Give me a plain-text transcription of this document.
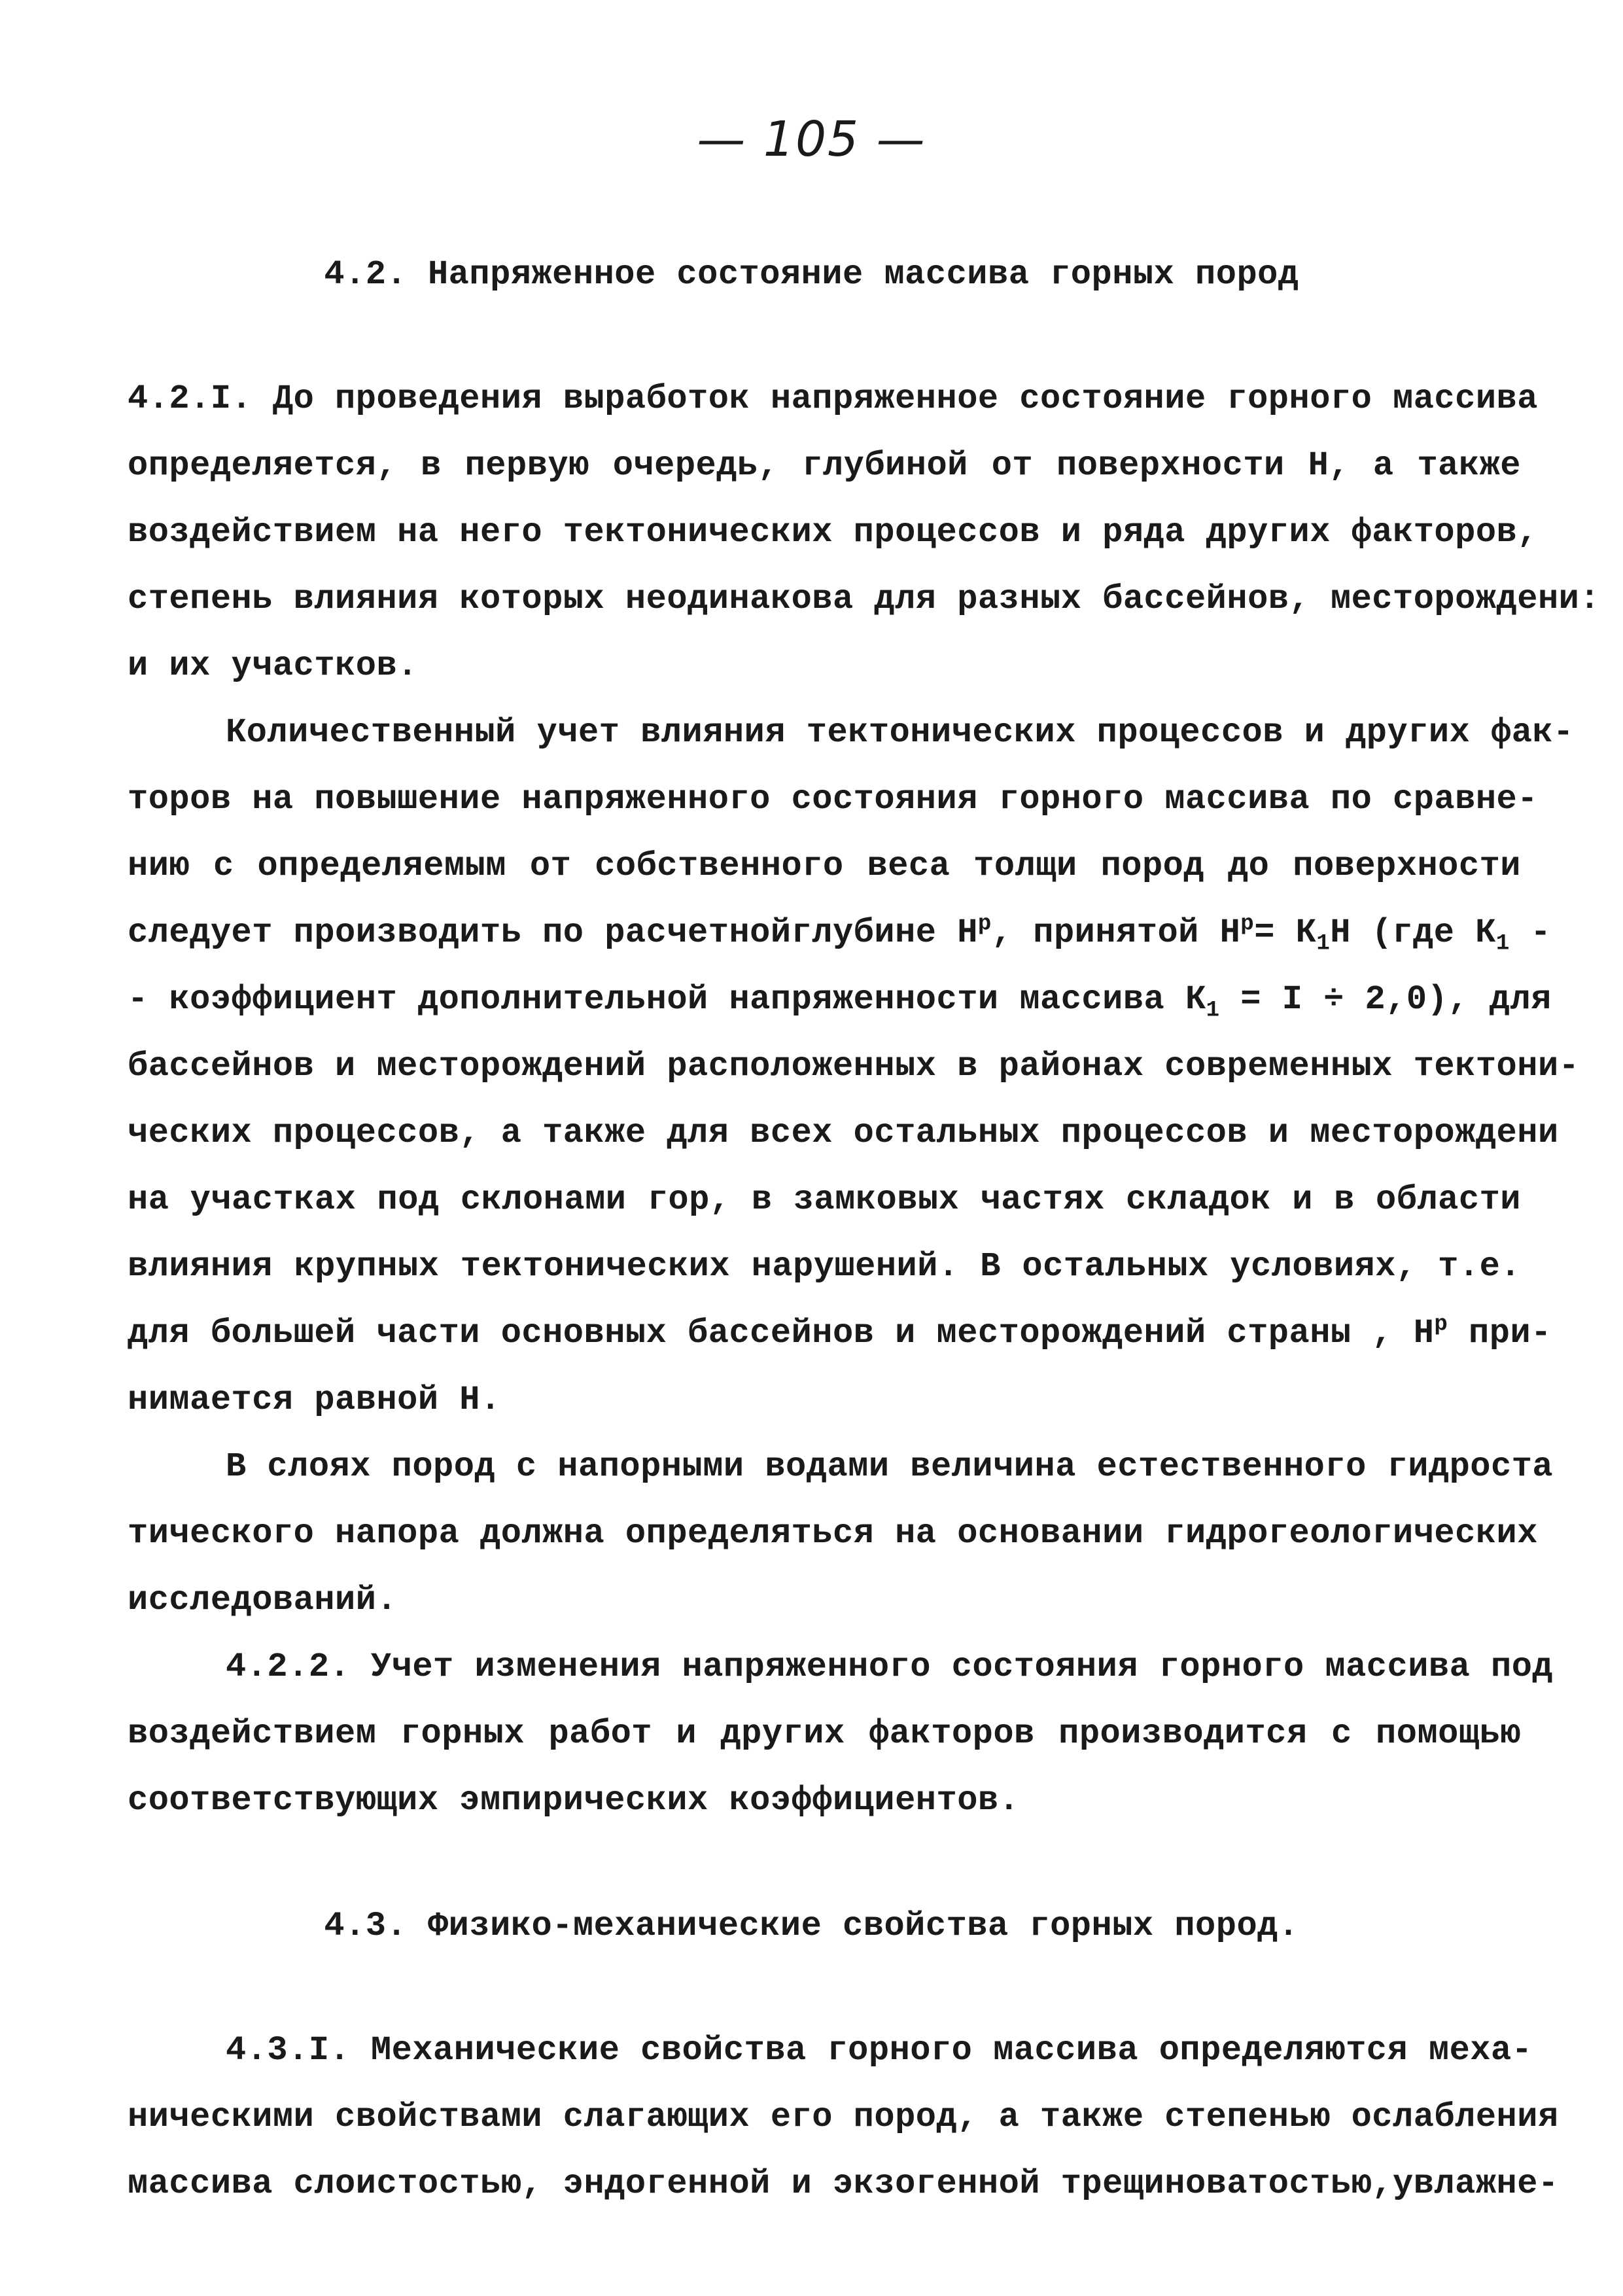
— 105 —
4.2. Напряженное состояние массива горных пород
4.2.I. До проведения выработок напряженное состояние горного массива
определяется, в первую очередь, глубиной от поверхности Н, а также
воздействием на него тектонических процессов и ряда других факторов,
степень влияния которых неодинакова для разных бассейнов, месторождени:
и их участков.
Количественный учет влияния тектонических процессов и других фак-
торов на повышение напряженного состояния горного массива по сравне-
нию с определяемым от собственного веса толщи пород до поверхности
следует производить по расчетнойглубине $Н^р$, принятой $Н^р= К_1Н$ (где $К_1$ -
- коэффициент дополнительной напряженности массива $К_1 = I \div 2,0$), для
бассейнов и месторождений расположенных в районах современных тектони-
ческих процессов, а также для всех остальных процессов и месторождени
на участках под склонами гор, в замковых частях складок и в области
влияния крупных тектонических нарушений. В остальных условиях, т.е.
для большей части основных бассейнов и месторождений страны , $Н^р$ при-
нимается равной Н.
В слоях пород с напорными водами величина естественного гидроста
тического напора должна определяться на основании гидрогеологических
исследований.
4.2.2. Учет изменения напряженного состояния горного массива под
воздействием горных работ и других факторов производится с помощью
соответствующих эмпирических коэффициентов.
4.3. Физико-механические свойства горных пород.
4.3.I. Механические свойства горного массива определяются меха-
ническими свойствами слагающих его пород, а также степенью ослабления
массива слоистостью, эндогенной и экзогенной трещиноватостью,увлажне-
